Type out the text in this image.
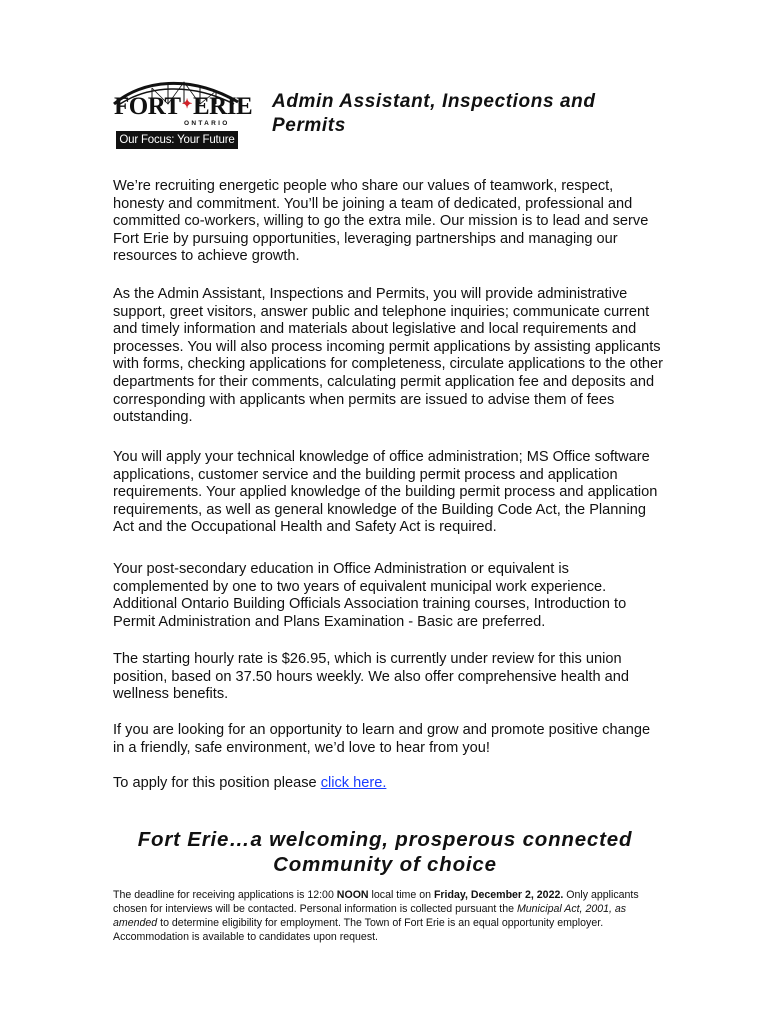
FORT✦ERIE
ONTARIO
Our Focus: Your Future
Admin Assistant, Inspections and Permits

We’re recruiting energetic people who share our values of teamwork, respect, honesty and commitment. You’ll be joining a team of dedicated, professional and committed co-workers, willing to go the extra mile. Our mission is to lead and serve Fort Erie by pursuing opportunities, leveraging partnerships and managing our resources to achieve growth.

As the Admin Assistant, Inspections and Permits, you will provide administrative support, greet visitors, answer public and telephone inquiries; communicate current and timely information and materials about legislative and local requirements and processes. You will also process incoming permit applications by assisting applicants with forms, checking applications for completeness, circulate applications to the other departments for their comments, calculating permit application fee and deposits and corresponding with applicants when permits are issued to advise them of fees outstanding.

You will apply your technical knowledge of office administration; MS Office software applications, customer service and the building permit process and application requirements. Your applied knowledge of the building permit process and application requirements, as well as general knowledge of the Building Code Act, the Planning Act and the Occupational Health and Safety Act is required.

Your post-secondary education in Office Administration or equivalent is complemented by one to two years of equivalent municipal work experience. Additional Ontario Building Officials Association training courses, Introduction to Permit Administration and Plans Examination - Basic are preferred.

The starting hourly rate is $26.95, which is currently under review for this union position, based on 37.50 hours weekly. We also offer comprehensive health and wellness benefits.

If you are looking for an opportunity to learn and grow and promote positive change in a friendly, safe environment, we’d love to hear from you!

To apply for this position please click here.

Fort Erie…a welcoming, prosperous connected Community of choice

The deadline for receiving applications is 12:00 NOON local time on Friday, December 2, 2022. Only applicants chosen for interviews will be contacted. Personal information is collected pursuant the Municipal Act, 2001, as amended to determine eligibility for employment. The Town of Fort Erie is an equal opportunity employer. Accommodation is available to candidates upon request.
